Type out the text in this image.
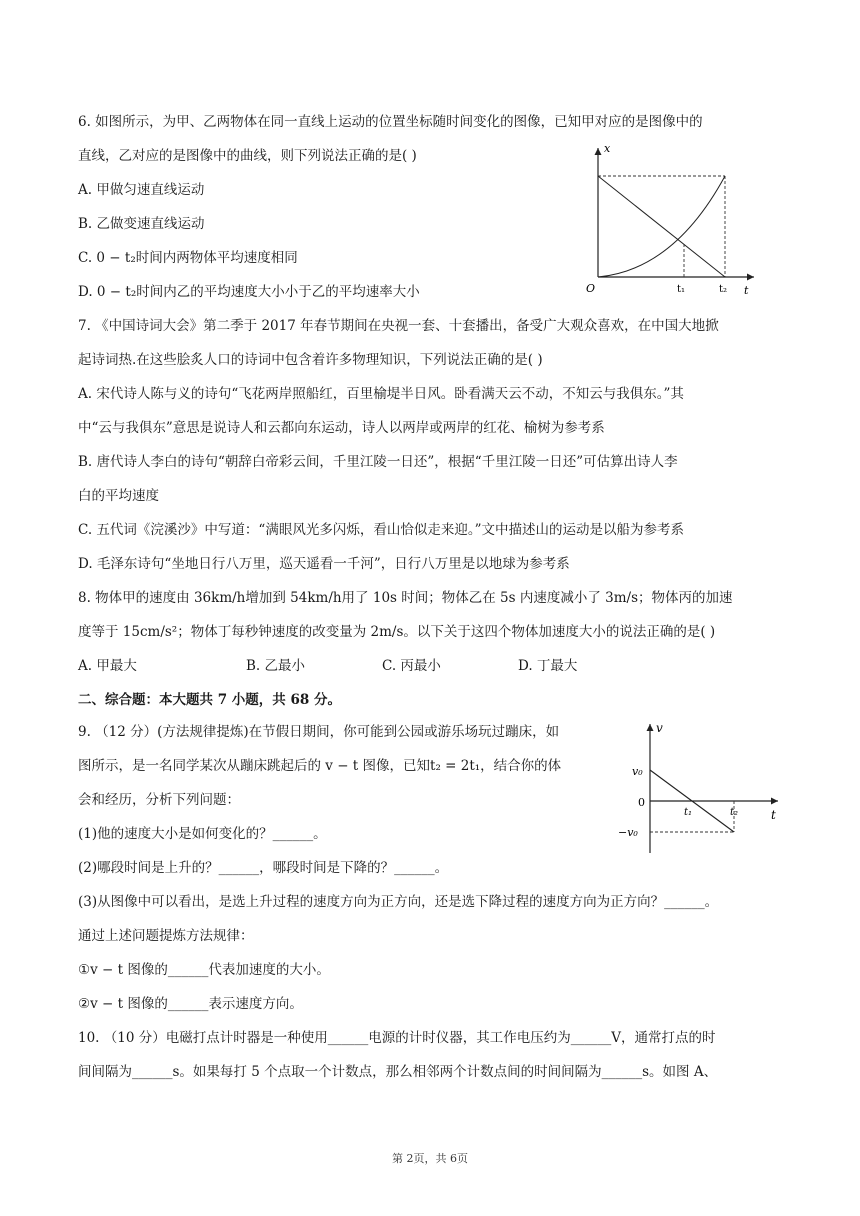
6. 如图所示，为甲、乙两物体在同一直线上运动的位置坐标随时间变化的图像，已知甲对应的是图像中的
直线，乙对应的是图像中的曲线，则下列说法正确的是( )
A. 甲做匀速直线运动
B. 乙做变速直线运动
C. 0 − t₂时间内两物体平均速度相同
D. 0 − t₂时间内乙的平均速度大小小于乙的平均速率大小
x
t
O	t₁	t₂
7. 《中国诗词大会》第二季于 2017 年春节期间在央视一套、十套播出，备受广大观众喜欢，在中国大地掀
起诗词热.在这些脍炙人口的诗词中包含着许多物理知识，下列说法正确的是( )
A. 宋代诗人陈与义的诗句“飞花两岸照船红，百里榆堤半日风。卧看满天云不动，不知云与我俱东。”其
中“云与我俱东”意思是说诗人和云都向东运动，诗人以两岸或两岸的红花、榆树为参考系
B. 唐代诗人李白的诗句“朝辞白帝彩云间，千里江陵一日还”，根据“千里江陵一日还”可估算出诗人李
白的平均速度
C. 五代词《浣溪沙》中写道：“满眼风光多闪烁，看山恰似走来迎。”文中描述山的运动是以船为参考系
D. 毛泽东诗句“坐地日行八万里，巡天遥看一千河”，日行八万里是以地球为参考系
8. 物体甲的速度由 36km/h增加到 54km/h用了 10s 时间；物体乙在 5s 内速度减小了 3m/s；物体丙的加速
度等于 15cm/s²；物体丁每秒钟速度的改变量为 2m/s。以下关于这四个物体加速度大小的说法正确的是( )
A. 甲最大	B. 乙最小	C. 丙最小	D. 丁最大
二、综合题：本大题共 7 小题，共 68 分。
9. （12 分）(方法规律提炼)在节假日期间，你可能到公园或游乐场玩过蹦床，如
图所示，是一名同学某次从蹦床跳起后的 v − t 图像，已知t₂ = 2t₁，结合你的体
会和经历，分析下列问题：
(1)他的速度大小是如何变化的？______。
(2)哪段时间是上升的？______，哪段时间是下降的？______。
(3)从图像中可以看出，是选上升过程的速度方向为正方向，还是选下降过程的速度方向为正方向？______。
通过上述问题提炼方法规律：
①v − t 图像的______代表加速度的大小。
②v − t 图像的______表示速度方向。
v
t
0
v₀
−v₀
t₁	t₂
10. （10 分）电磁打点计时器是一种使用______电源的计时仪器，其工作电压约为______V，通常打点的时
间间隔为______s。如果每打 5 个点取一个计数点，那么相邻两个计数点间的时间间隔为______s。如图 A、
第 2页，共 6页
